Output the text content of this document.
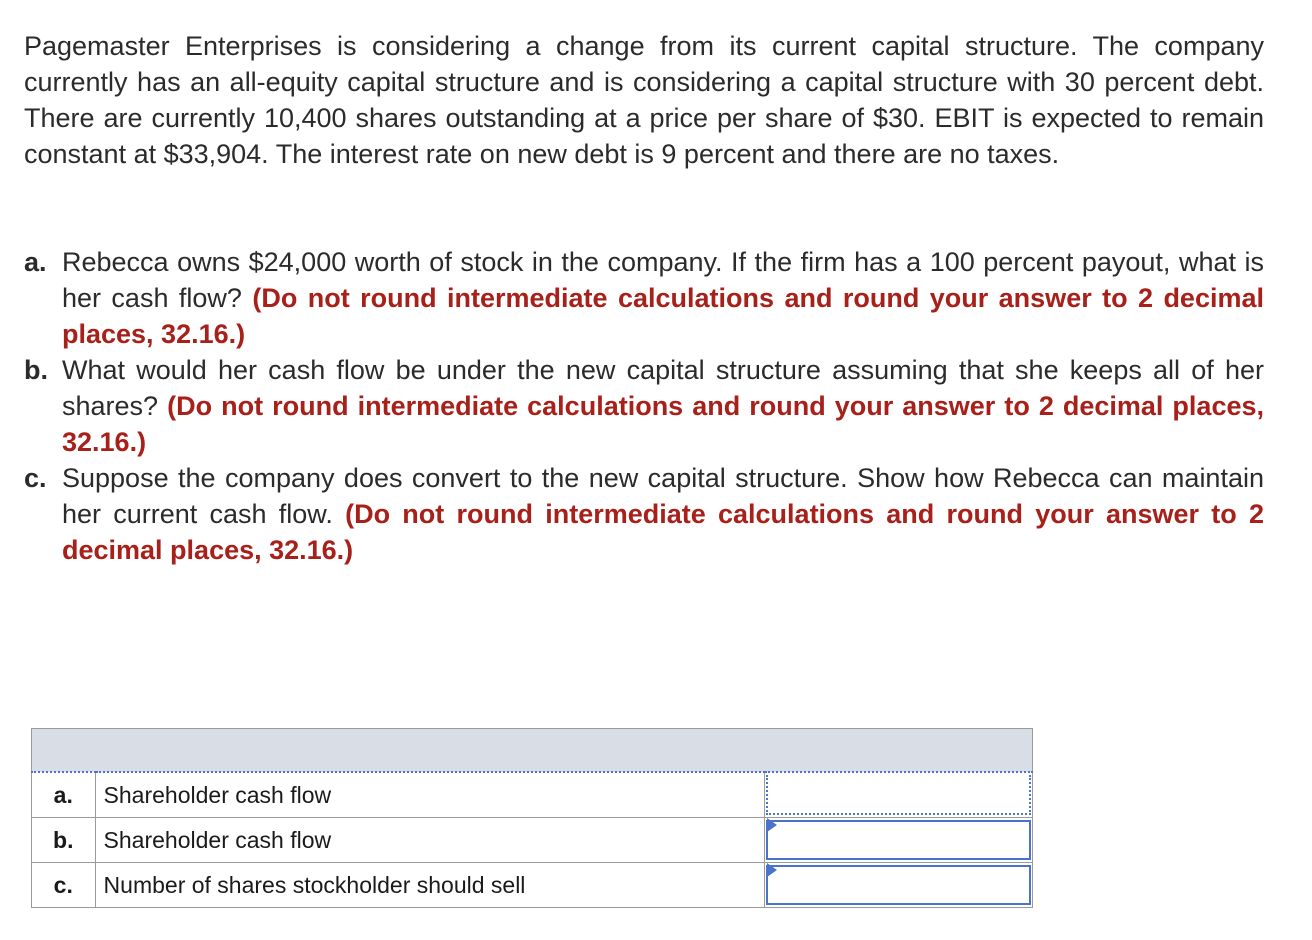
Pagemaster Enterprises is considering a change from its current capital structure. The company currently has an all-equity capital structure and is considering a capital structure with 30 percent debt. There are currently 10,400 shares outstanding at a price per share of $30. EBIT is expected to remain constant at $33,904. The interest rate on new debt is 9 percent and there are no taxes.

a. Rebecca owns $24,000 worth of stock in the company. If the firm has a 100 percent payout, what is her cash flow? (Do not round intermediate calculations and round your answer to 2 decimal places, 32.16.)
b. What would her cash flow be under the new capital structure assuming that she keeps all of her shares? (Do not round intermediate calculations and round your answer to 2 decimal places, 32.16.)
c. Suppose the company does convert to the new capital structure. Show how Rebecca can maintain her current cash flow. (Do not round intermediate calculations and round your answer to 2 decimal places, 32.16.)

a.	Shareholder cash flow	

b.	Shareholder cash flow	

c.	Number of shares stockholder should sell	
